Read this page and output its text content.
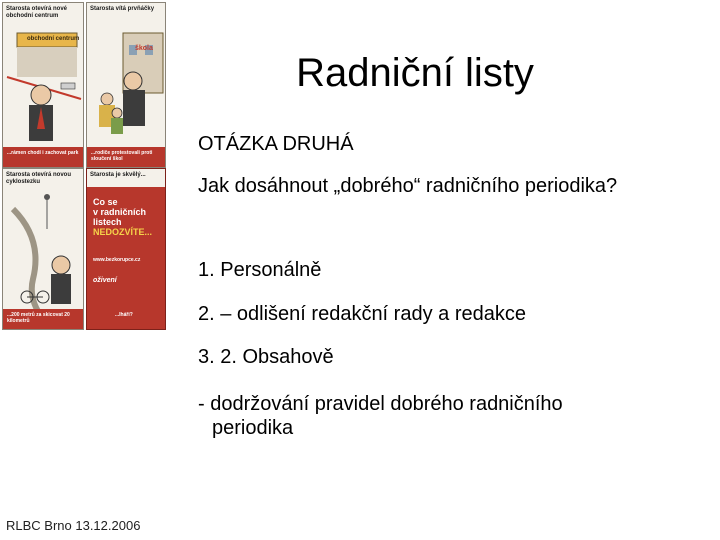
Starosta otevírá nové obchodní centrum
obchodní centrum
...rámen chodí i zachovat park
Starosta vítá prvňáčky
škola
...rodiče protestovali proti sloučení škol
Starosta otevírá novou cyklostezku
...200 metrů za skicovat 20 kilometrů
Starosta je skvělý...
Co se
v radničních
listech
NEDOZVÍTE...
www.bezkorupce.cz
oživení
...lháři?
Radniční listy
OTÁZKA DRUHÁ
Jak dosáhnout „dobrého“ radničního periodika?
1. Personálně
2. – odlišení redakční rady a redakce
3. 2. Obsahově
- dodržování pravidel dobrého radničního
periodika
RLBC Brno 13.12.2006
